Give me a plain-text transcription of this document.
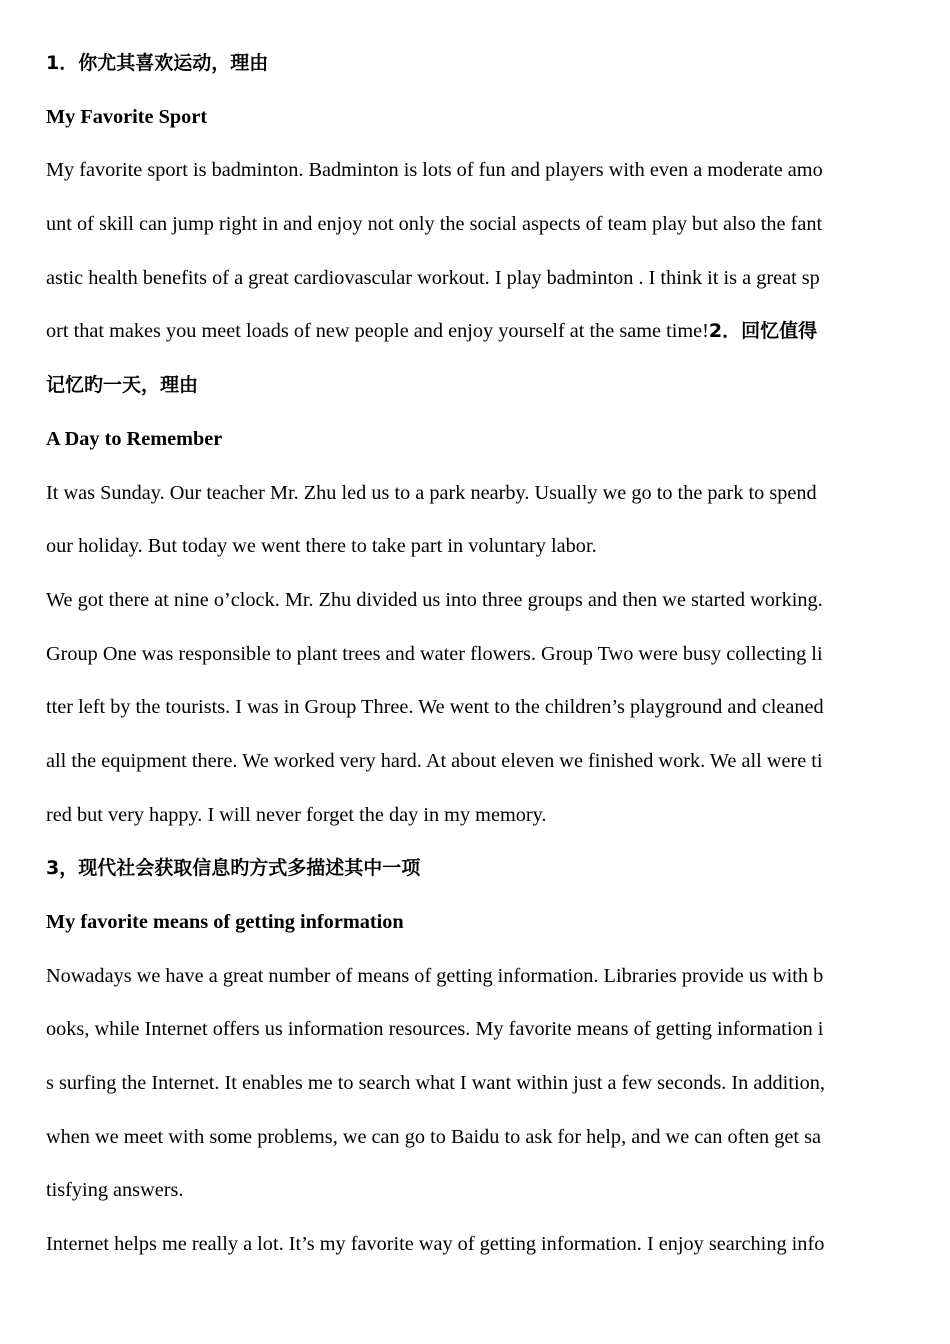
1．你尤其喜欢运动，理由
My Favorite Sport
My favorite sport is badminton. Badminton is lots of fun and players with even a moderate amo
unt of skill can jump right in and enjoy not only the social aspects of team play but also the fant
astic health benefits of a great cardiovascular workout. I play badminton . I think it is a great sp
ort that makes you meet loads of new people and enjoy yourself at the same time!2．回忆值得
记忆旳一天，理由
A Day to Remember
It was Sunday. Our teacher Mr. Zhu led us to a park nearby. Usually we go to the park to spend
our holiday. But today we went there to take part in voluntary labor.
We got there at nine o’clock. Mr. Zhu divided us into three groups and then we started working.
Group One was responsible to plant trees and water flowers. Group Two were busy collecting li
tter left by the tourists. I was in Group Three. We went to the children’s playground and cleaned
all the equipment there. We worked very hard. At about eleven we finished work. We all were ti
red but very happy. I will never forget the day in my memory.
3，现代社会获取信息旳方式多描述其中一项
My favorite means of getting information
Nowadays we have a great number of means of getting information. Libraries provide us with b
ooks, while Internet offers us information resources. My favorite means of getting information i
s surfing the Internet. It enables me to search what I want within just a few seconds. In addition,
when we meet with some problems, we can go to Baidu to ask for help, and we can often get sa
tisfying answers.
Internet helps me really a lot. It’s my favorite way of getting information. I enjoy searching info
